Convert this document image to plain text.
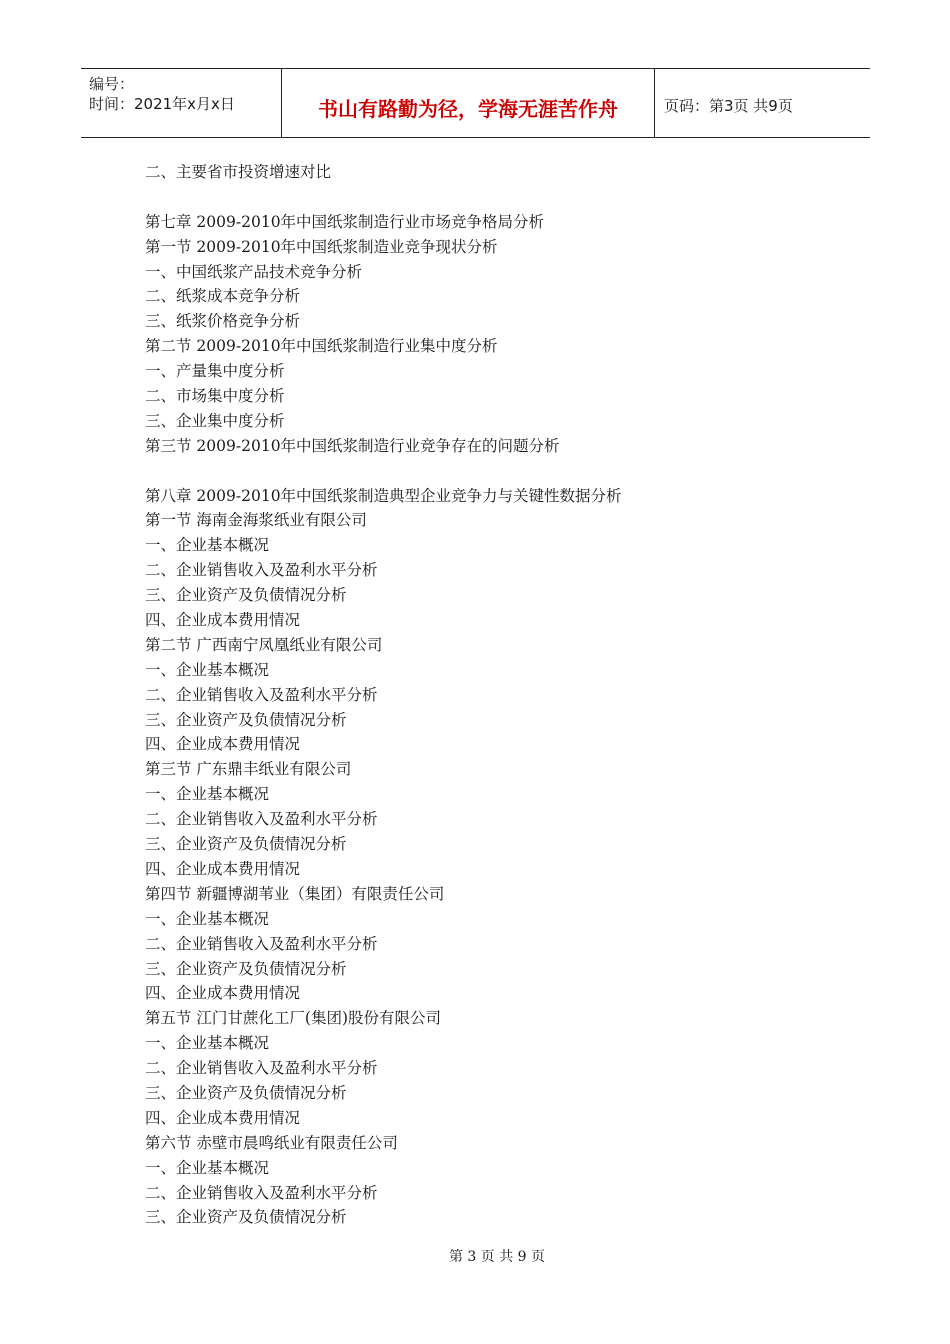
编号：
时间：2021年x月x日	书山有路勤为径，学海无涯苦作舟	页码：第3页 共9页
二、主要省市投资增速对比
第七章 2009-2010年中国纸浆制造行业市场竞争格局分析
第一节 2009-2010年中国纸浆制造业竞争现状分析
一、中国纸浆产品技术竞争分析
二、纸浆成本竞争分析
三、纸浆价格竞争分析
第二节 2009-2010年中国纸浆制造行业集中度分析
一、产量集中度分析
二、市场集中度分析
三、企业集中度分析
第三节 2009-2010年中国纸浆制造行业竞争存在的问题分析
第八章 2009-2010年中国纸浆制造典型企业竞争力与关键性数据分析
第一节 海南金海浆纸业有限公司
一、企业基本概况
二、企业销售收入及盈利水平分析
三、企业资产及负债情况分析
四、企业成本费用情况
第二节 广西南宁凤凰纸业有限公司
一、企业基本概况
二、企业销售收入及盈利水平分析
三、企业资产及负债情况分析
四、企业成本费用情况
第三节 广东鼎丰纸业有限公司
一、企业基本概况
二、企业销售收入及盈利水平分析
三、企业资产及负债情况分析
四、企业成本费用情况
第四节 新疆博湖苇业（集团）有限责任公司
一、企业基本概况
二、企业销售收入及盈利水平分析
三、企业资产及负债情况分析
四、企业成本费用情况
第五节 江门甘蔗化工厂(集团)股份有限公司
一、企业基本概况
二、企业销售收入及盈利水平分析
三、企业资产及负债情况分析
四、企业成本费用情况
第六节 赤壁市晨鸣纸业有限责任公司
一、企业基本概况
二、企业销售收入及盈利水平分析
三、企业资产及负债情况分析
第 3 页 共 9 页
